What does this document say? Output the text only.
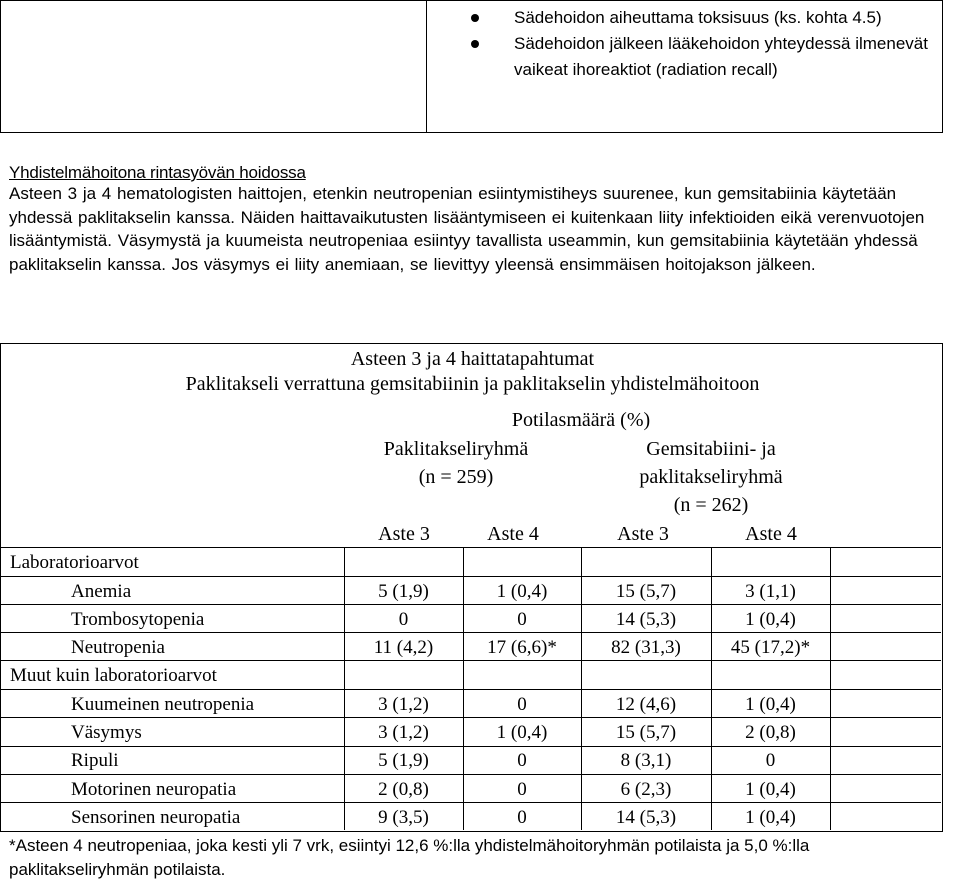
Sädehoidon aiheuttama toksisuus (ks. kohta 4.5)
Sädehoidon jälkeen lääkehoidon yhteydessä ilmenevät vaikeat ihoreaktiot (radiation recall)
Yhdistelmähoitona rintasyövän hoidossa

Asteen 3 ja 4 hematologisten haittojen, etenkin neutropenian esiintymistiheys suurenee, kun gemsitabiinia käytetään yhdessä paklitakselin kanssa. Näiden haittavaikutusten lisääntymiseen ei kuitenkaan liity infektioiden eikä verenvuotojen lisääntymistä. Väsymystä ja kuumeista neutropeniaa esiintyy tavallista useammin, kun gemsitabiinia käytetään yhdessä paklitakselin kanssa. Jos väsymys ei liity anemiaan, se lievittyy yleensä ensimmäisen hoitojakson jälkeen.

Asteen 3 ja 4 haittatapahtumat
Paklitakseli verrattuna gemsitabiinin ja paklitakselin yhdistelmähoitoon
Potilasmäärä (%)
Paklitakseliryhmä
(n = 259)
Gemsitabiini- ja
paklitakseliryhmä
(n = 262)
Aste 3	Aste 4	Aste 3	Aste 4
Laboratorioarvot
Anemia	5 (1,9)	1 (0,4)	15 (5,7)	3 (1,1)
Trombosytopenia	0	0	14 (5,3)	1 (0,4)
Neutropenia	11 (4,2)	17 (6,6)*	82 (31,3)	45 (17,2)*
Muut kuin laboratorioarvot
Kuumeinen neutropenia	3 (1,2)	0	12 (4,6)	1 (0,4)
Väsymys	3 (1,2)	1 (0,4)	15 (5,7)	2 (0,8)
Ripuli	5 (1,9)	0	8 (3,1)	0
Motorinen neuropatia	2 (0,8)	0	6 (2,3)	1 (0,4)
Sensorinen neuropatia	9 (3,5)	0	14 (5,3)	1 (0,4)

*Asteen 4 neutropeniaa, joka kesti yli 7 vrk, esiintyi 12,6 %:lla yhdistelmähoitoryhmän potilaista ja 5,0 %:lla paklitakseliryhmän potilaista.
